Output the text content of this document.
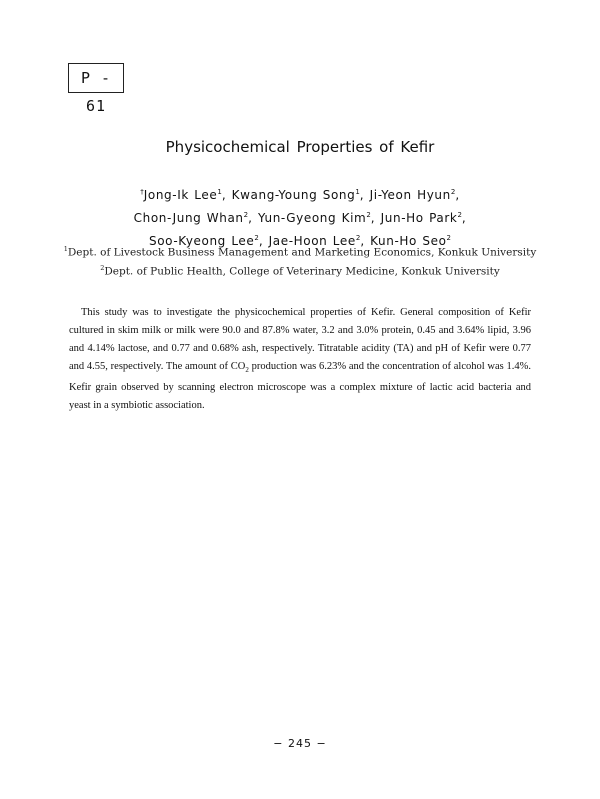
P - 61
Physicochemical Properties of Kefir
†Jong-Ik Lee$^1$, Kwang-Young Song$^1$, Ji-Yeon Hyun$^2$,
Chon-Jung Whan$^2$, Yun-Gyeong Kim$^2$, Jun-Ho Park$^2$,
Soo-Kyeong Lee$^2$, Jae-Hoon Lee$^2$, Kun-Ho Seo$^2$
$^1$Dept. of Livestock Business Management and Marketing Economics, Konkuk University
$^2$Dept. of Public Health, College of Veterinary Medicine, Konkuk University

This study was to investigate the physicochemical properties of Kefir. General composition of Kefir cultured in skim milk or milk were 90.0 and 87.8% water, 3.2 and 3.0% protein, 0.45 and 3.64% lipid, 3.96 and 4.14% lactose, and 0.77 and 0.68% ash, respectively. Titratable acidity (TA) and pH of Kefir were 0.77 and 4.55, respectively. The amount of $CO_2$ production was 6.23% and the concentration of alcohol was 1.4%. Kefir grain observed by scanning electron microscope was a complex mixture of lactic acid bacteria and yeast in a symbiotic association.

− 245 −
